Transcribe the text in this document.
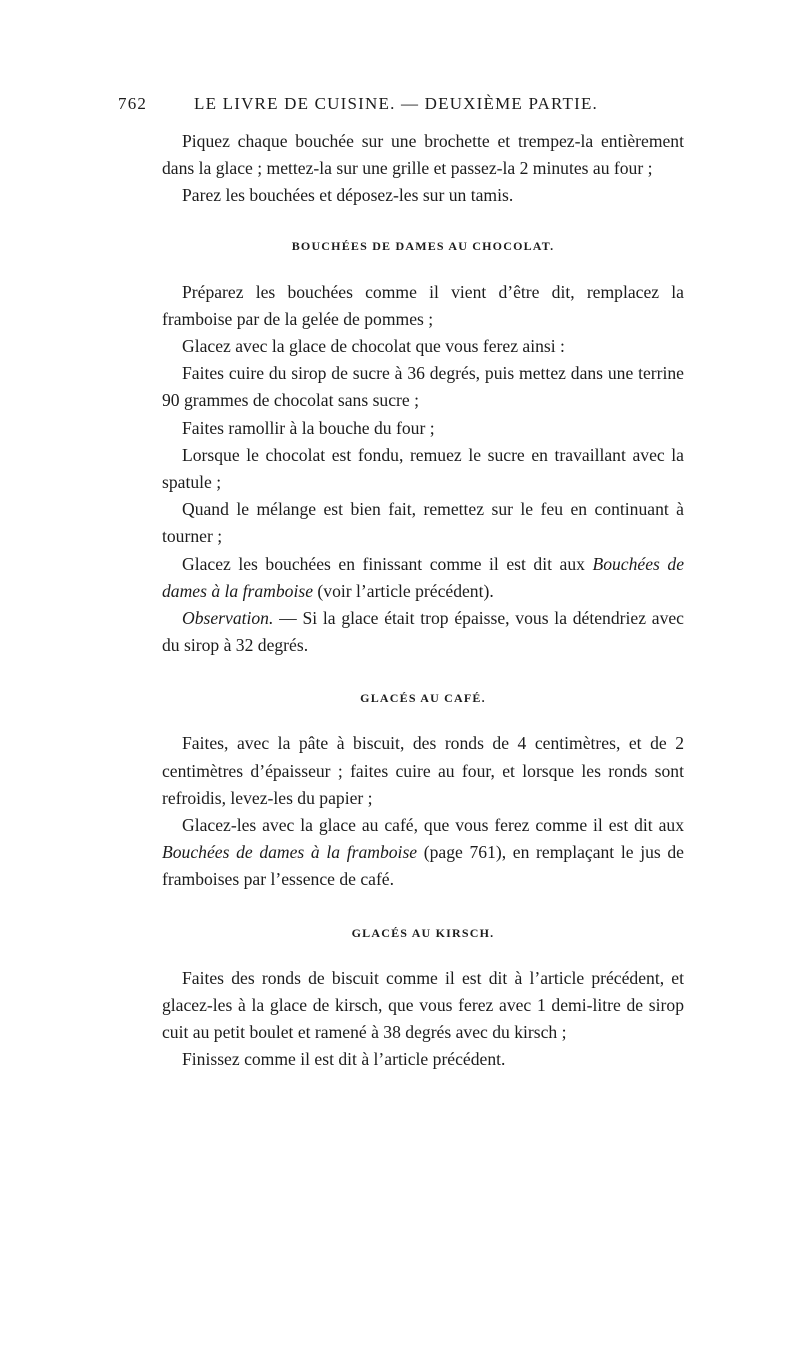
762	LE LIVRE DE CUISINE. — DEUXIÈME PARTIE.

Piquez chaque bouchée sur une brochette et trempez-la entièrement dans la glace ; mettez-la sur une grille et passez-la 2 minutes au four ;

Parez les bouchées et déposez-les sur un tamis.

BOUCHÉES DE DAMES AU CHOCOLAT.

Préparez les bouchées comme il vient d’être dit, remplacez la framboise par de la gelée de pommes ;

Glacez avec la glace de chocolat que vous ferez ainsi :

Faites cuire du sirop de sucre à 36 degrés, puis mettez dans une terrine 90 grammes de chocolat sans sucre ;

Faites ramollir à la bouche du four ;

Lorsque le chocolat est fondu, remuez le sucre en travaillant avec la spatule ;

Quand le mélange est bien fait, remettez sur le feu en continuant à tourner ;

Glacez les bouchées en finissant comme il est dit aux Bouchées de dames à la framboise (voir l’article précédent).

Observation. — Si la glace était trop épaisse, vous la détendriez avec du sirop à 32 degrés.

GLACÉS AU CAFÉ.

Faites, avec la pâte à biscuit, des ronds de 4 centimètres, et de 2 centimètres d’épaisseur ; faites cuire au four, et lorsque les ronds sont refroidis, levez-les du papier ;

Glacez-les avec la glace au café, que vous ferez comme il est dit aux Bouchées de dames à la framboise (page 761), en remplaçant le jus de framboises par l’essence de café.

GLACÉS AU KIRSCH.

Faites des ronds de biscuit comme il est dit à l’article précédent, et glacez-les à la glace de kirsch, que vous ferez avec 1 demi-litre de sirop cuit au petit boulet et ramené à 38 degrés avec du kirsch ;

Finissez comme il est dit à l’article précédent.
